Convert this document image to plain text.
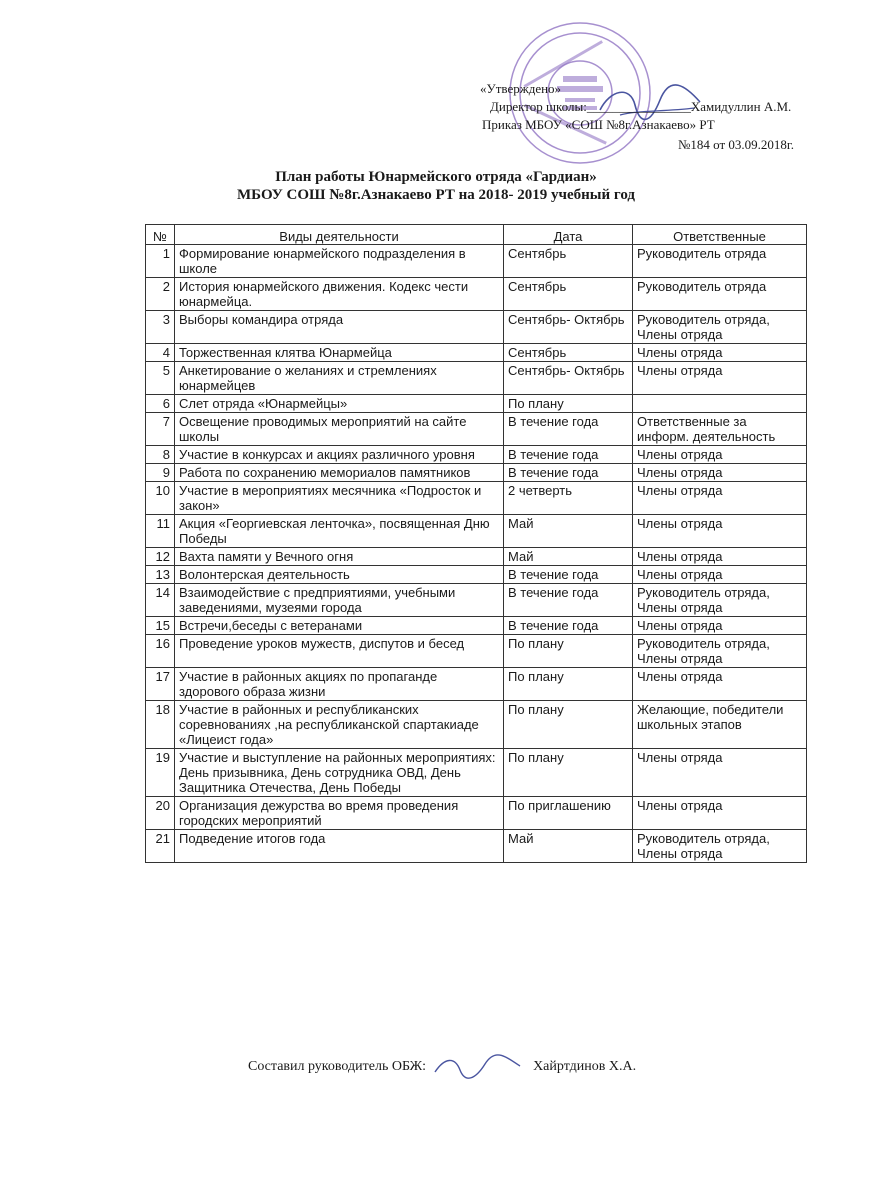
«Утверждено»
Директор школы:________________Хамидуллин А.М.
Приказ МБОУ «СОШ №8г.Азнакаево» РТ
№184 от 03.09.2018г.
План работы Юнармейского отряда «Гардиан»
МБОУ СОШ №8г.Азнакаево РТ на 2018- 2019 учебный год
№	Виды деятельности	Дата	Ответственные
1	Формирование юнармейского подразделения в школе	Сентябрь	Руководитель отряда
2	История юнармейского движения. Кодекс чести юнармейца.	Сентябрь	Руководитель отряда
3	Выборы командира отряда	Сентябрь- Октябрь	Руководитель отряда, Члены отряда
4	Торжественная клятва Юнармейца	Сентябрь	Члены отряда
5	Анкетирование о желаниях и стремлениях юнармейцев	Сентябрь- Октябрь	Члены отряда
6	Слет отряда «Юнармейцы»	По плану	
7	Освещение проводимых мероприятий на сайте школы	В течение года	Ответственные за информ. деятельность
8	Участие в конкурсах и акциях различного уровня	В течение года	Члены отряда
9	Работа по сохранению мемориалов памятников	В течение года	Члены отряда
10	Участие в мероприятиях месячника «Подросток и закон»	2 четверть	Члены отряда
11	Акция «Георгиевская ленточка», посвященная Дню Победы	Май	Члены отряда
12	Вахта памяти у Вечного огня	Май	Члены отряда
13	Волонтерская деятельность	В течение года	Члены отряда
14	Взаимодействие с предприятиями, учебными заведениями, музеями города	В течение года	Руководитель отряда, Члены отряда
15	Встречи,беседы с ветеранами	В течение года	Члены отряда
16	Проведение уроков мужеств, диспутов и бесед	По плану	Руководитель отряда, Члены отряда
17	Участие в районных акциях по пропаганде здорового образа жизни	По плану	Члены отряда
18	Участие в районных и республиканских соревнованиях ,на республиканской спартакиаде «Лицеист года»	По плану	Желающие, победители школьных этапов
19	Участие и выступление на районных мероприятиях: День призывника, День сотрудника ОВД, День Защитника Отечества, День Победы	По плану	Члены отряда
20	Организация дежурства во время проведения городских мероприятий	По приглашению	Члены отряда
21	Подведение итогов года	Май	Руководитель отряда, Члены отряда
Составил руководитель ОБЖ:	Хайртдинов Х.А.
